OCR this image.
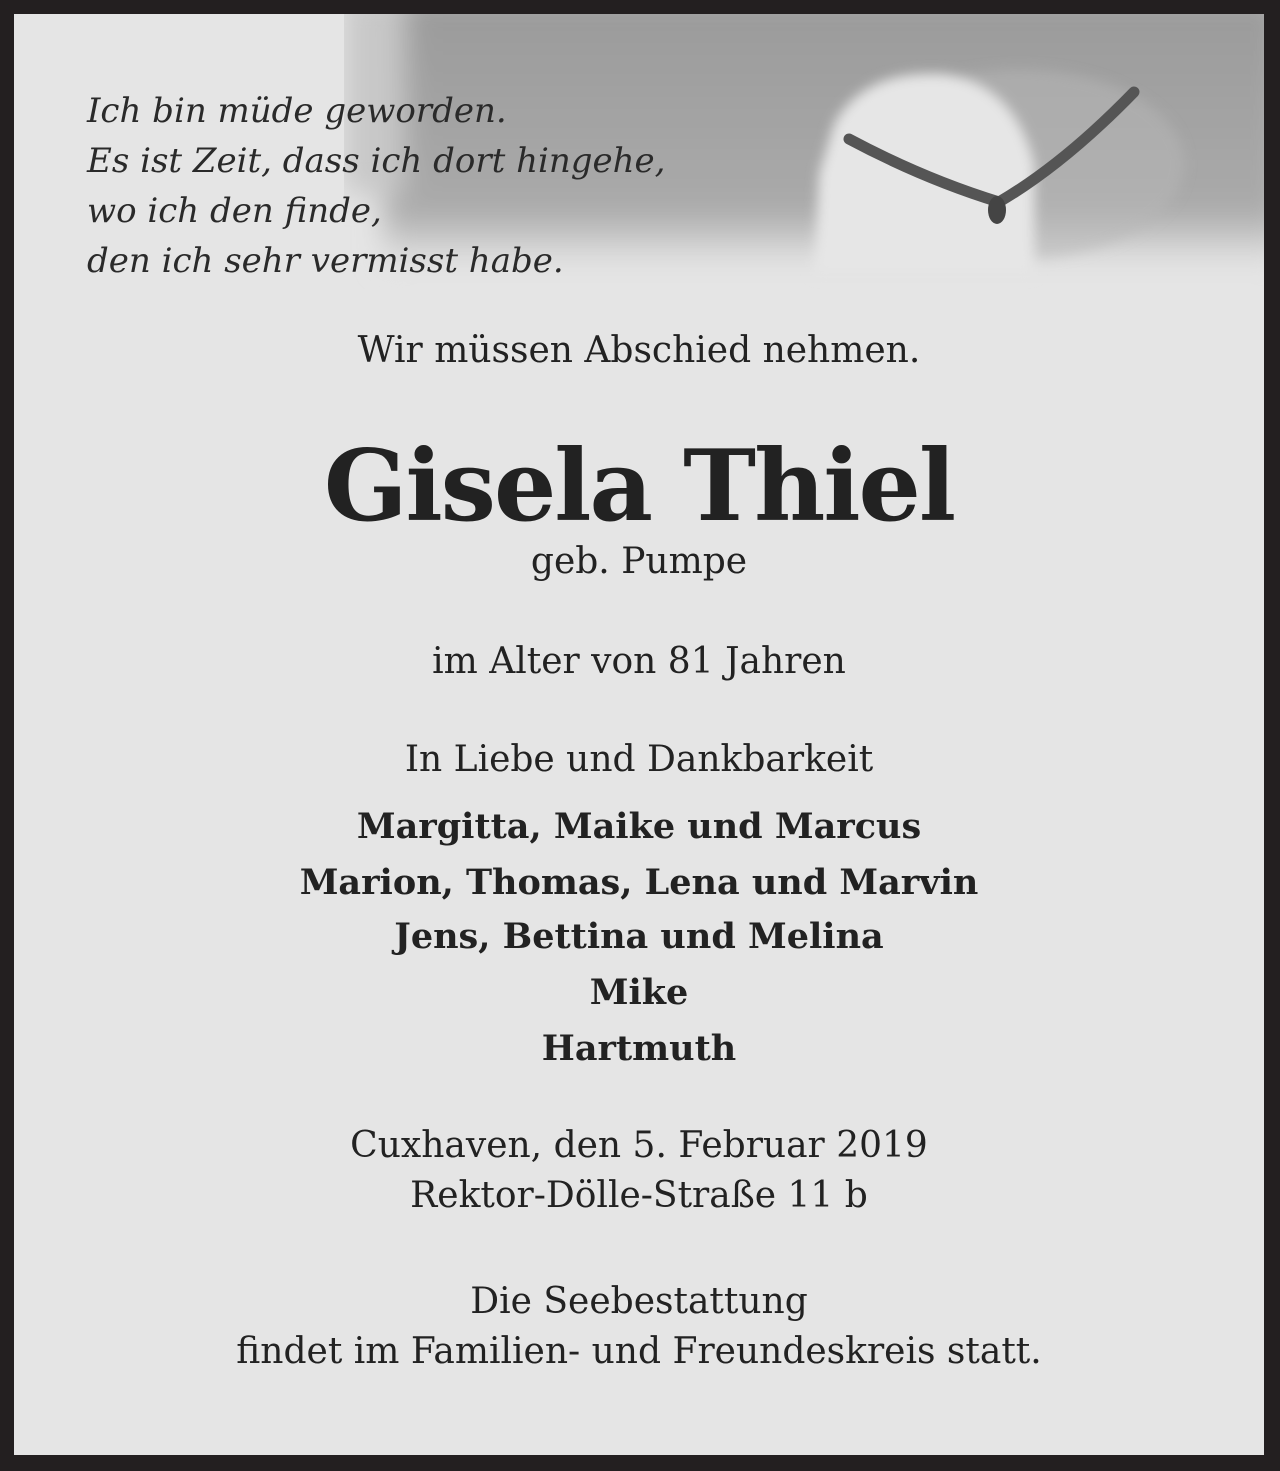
Ich bin müde geworden.
Es ist Zeit, dass ich dort hingehe,
wo ich den finde,
den ich sehr vermisst habe.
Wir müssen Abschied nehmen.
Gisela Thiel
geb. Pumpe
im Alter von 81 Jahren
In Liebe und Dankbarkeit
Margitta, Maike und Marcus
Marion, Thomas, Lena und Marvin
Jens, Bettina und Melina
Mike
Hartmuth
Cuxhaven, den 5. Februar 2019
Rektor-Dölle-Straße 11 b
Die Seebestattung
findet im Familien- und Freundeskreis statt.
